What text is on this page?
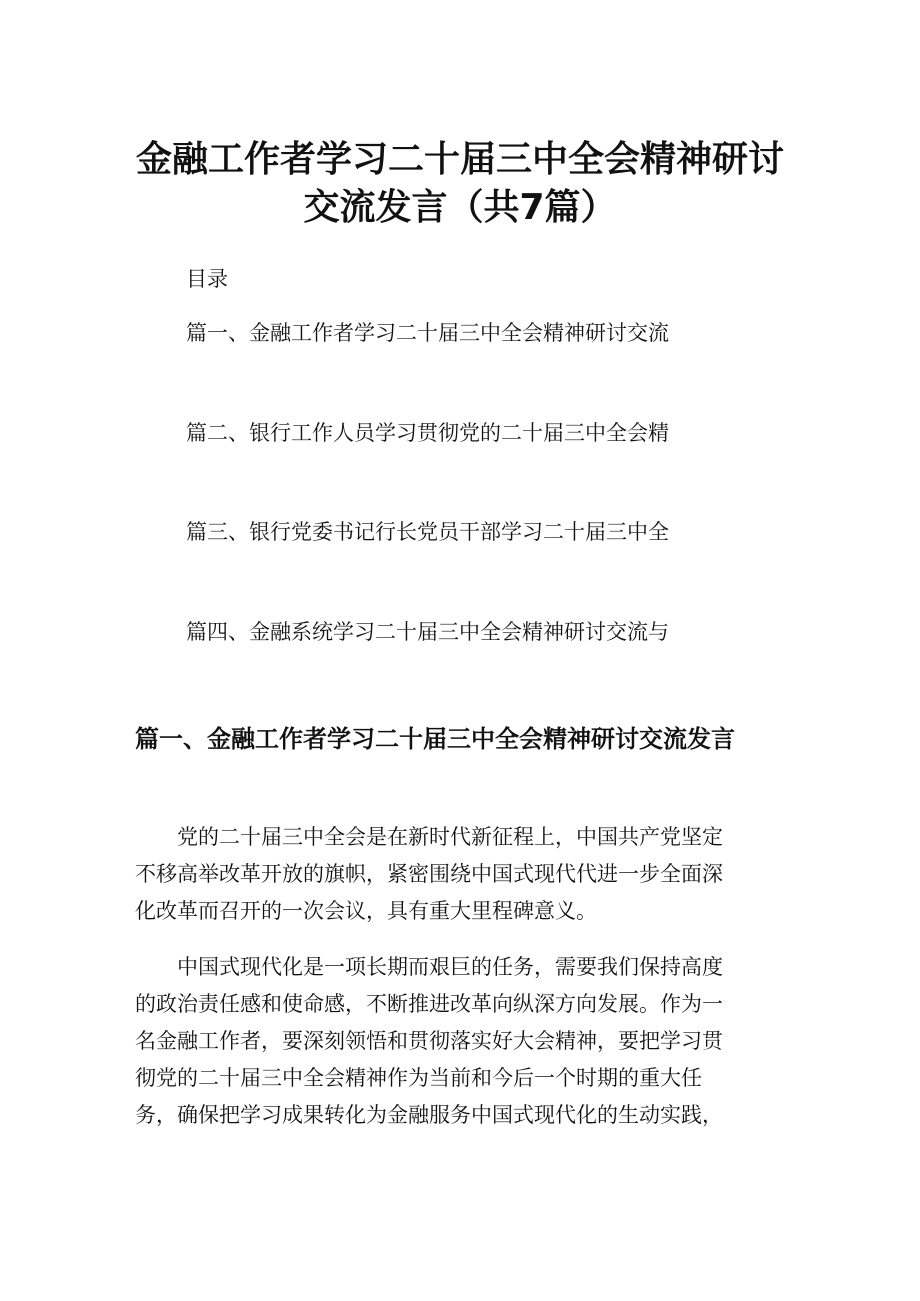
金融工作者学习二十届三中全会精神研讨
交流发言（共7篇）
目录
篇一、金融工作者学习二十届三中全会精神研讨交流
篇二、银行工作人员学习贯彻党的二十届三中全会精
篇三、银行党委书记行长党员干部学习二十届三中全
篇四、金融系统学习二十届三中全会精神研讨交流与
篇一、金融工作者学习二十届三中全会精神研讨交流发言
　　党的二十届三中全会是在新时代新征程上，中国共产党坚定
不移高举改革开放的旗帜，紧密围绕中国式现代代进一步全面深
化改革而召开的一次会议，具有重大里程碑意义。
　　中国式现代化是一项长期而艰巨的任务，需要我们保持高度
的政治责任感和使命感，不断推进改革向纵深方向发展。作为一
名金融工作者，要深刻领悟和贯彻落实好大会精神，要把学习贯
彻党的二十届三中全会精神作为当前和今后一个时期的重大任
务，确保把学习成果转化为金融服务中国式现代化的生动实践，
